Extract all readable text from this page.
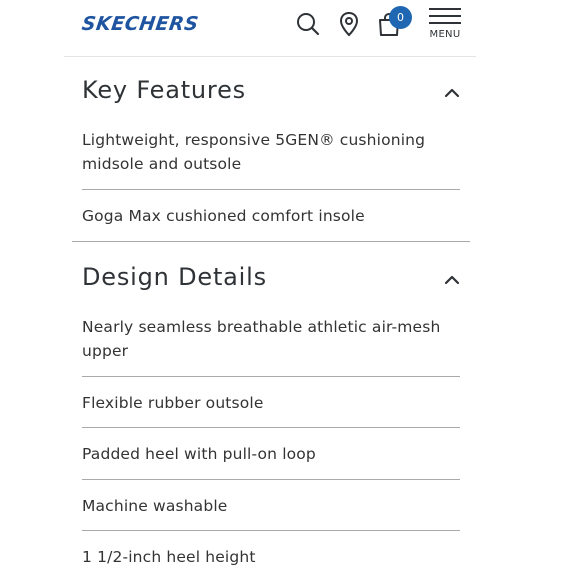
SKECHERS	0
MENU
Key Features
Lightweight, responsive 5GEN® cushioning midsole and outsole
Goga Max cushioned comfort insole
Design Details
Nearly seamless breathable athletic air-mesh upper
Flexible rubber outsole
Padded heel with pull-on loop
Machine washable
1 1/2-inch heel height
